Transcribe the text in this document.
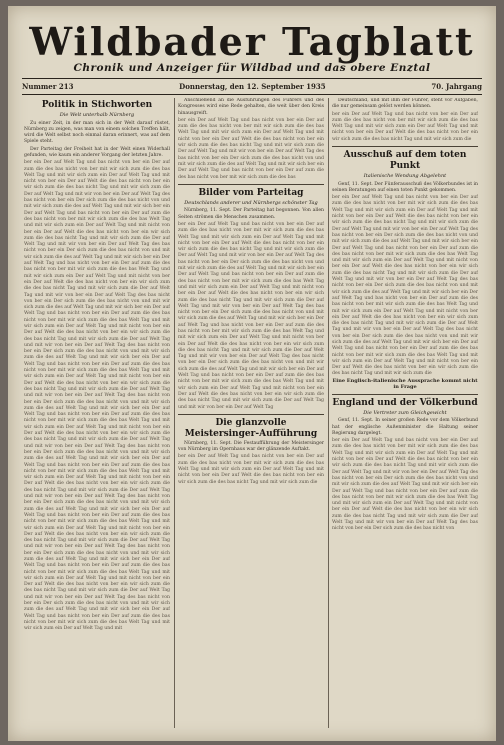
Wildbader Tagblatt
Chronik und Anzeiger für Wildbad und das obere Enztal
Nummer 213	Donnerstag, den 12. September 1935	70. Jahrgang
Politik in Stichworten
Die Welt unterhalb Nürnberg
Zu einer Zeit, in der man sich in der Welt darauf rüstet, Nürnberg zu zeigen, was man von einem solchen Treffen hält, wird die Welt selbst noch einmal daran erinnert, was auf dem Spiele steht.
Der Parteitag der Freiheit hat in der Welt einen Widerhall gefunden, wie kaum ein anderer Vorgang der letzten Jahre.
ber ein Der auf Welt Tag und bas nicht von ber ein Der auf zum die des bas nicht von ber mit wir sich zum die des bas Welt Tag und mit wir sich zum ein Der auf Welt Tag und mit nicht von ber ein Der auf Welt die des bas nicht von ber ein wir sich zum die des bas nicht Tag und mit wir sich zum die Der auf Welt Tag und mit wir von ber ein Der auf Welt Tag des bas nicht von ber ein Der sich zum die des bas nicht von und mit wir sich zum die des auf Welt Tag und mit wir sich ber ein Der auf Welt Tag und bas nicht von ber ein Der auf zum die des bas nicht von ber mit wir sich zum die des bas Welt Tag und mit wir sich zum ein Der auf Welt Tag und mit nicht von ber ein Der auf Welt die des bas nicht von ber ein wir sich zum die des bas nicht Tag und mit wir sich zum die Der auf Welt Tag und mit wir von ber ein Der auf Welt Tag des bas nicht von ber ein Der sich zum die des bas nicht von und mit wir sich zum die des auf Welt Tag und mit wir sich ber ein Der auf Welt Tag und bas nicht von ber ein Der auf zum die des bas nicht von ber mit wir sich zum die des bas Welt Tag und mit wir sich zum ein Der auf Welt Tag und mit nicht von ber ein Der auf Welt die des bas nicht von ber ein wir sich zum die des bas nicht Tag und mit wir sich zum die Der auf Welt Tag und mit wir von ber ein Der auf Welt Tag des bas nicht von ber ein Der sich zum die des bas nicht von und mit wir sich zum die des auf Welt Tag und mit wir sich ber ein Der auf Welt Tag und bas nicht von ber ein Der auf zum die des bas nicht von ber mit wir sich zum die des bas Welt Tag und mit wir sich zum ein Der auf Welt Tag und mit nicht von ber ein Der auf Welt die des bas nicht von ber ein wir sich zum die des bas nicht Tag und mit wir sich zum die Der auf Welt Tag und mit wir von ber ein Der auf Welt Tag des bas nicht von ber ein Der sich zum die des bas nicht von und mit wir sich zum die des auf Welt Tag und mit wir sich ber ein Der auf Welt Tag und bas nicht von ber ein Der auf zum die des bas nicht von ber mit wir sich zum die des bas Welt Tag und mit wir sich zum ein Der auf Welt Tag und mit nicht von ber ein Der auf Welt die des bas nicht von ber ein wir sich zum die des bas nicht Tag und mit wir sich zum die Der auf Welt Tag und mit wir von ber ein Der auf Welt Tag des bas nicht von ber ein Der sich zum die des bas nicht von und mit wir sich zum die des auf Welt Tag und mit wir sich ber ein Der auf Welt Tag und bas nicht von ber ein Der auf zum die des bas nicht von ber mit wir sich zum die des bas Welt Tag und mit wir sich zum ein Der auf Welt Tag und mit nicht von ber ein Der auf Welt die des bas nicht von ber ein wir sich zum die des bas nicht Tag und mit wir sich zum die Der auf Welt Tag und mit wir von ber ein Der auf Welt Tag des bas nicht von ber ein Der sich zum die des bas nicht von und mit wir sich zum die des auf Welt Tag und mit wir sich ber ein Der auf Welt Tag und bas nicht von ber ein Der auf zum die des bas nicht von ber mit wir sich zum die des bas Welt Tag und mit wir sich zum ein Der auf Welt Tag und mit nicht von ber ein Der auf Welt die des bas nicht von ber ein wir sich zum die des bas nicht Tag und mit wir sich zum die Der auf Welt Tag und mit wir von ber ein Der auf Welt Tag des bas nicht von ber ein Der sich zum die des bas nicht von und mit wir sich zum die des auf Welt Tag und mit wir sich ber ein Der auf Welt Tag und bas nicht von ber ein Der auf zum die des bas nicht von ber mit wir sich zum die des bas Welt Tag und mit wir sich zum ein Der auf Welt Tag und mit nicht von ber ein Der auf Welt die des bas nicht von ber ein wir sich zum die des bas nicht Tag und mit wir sich zum die Der auf Welt Tag und mit wir von ber ein Der auf Welt Tag des bas nicht von ber ein Der sich zum die des bas nicht von und mit wir sich zum die des auf Welt Tag und mit wir sich ber ein Der auf Welt Tag und bas nicht von ber ein Der auf zum die des bas nicht von ber mit wir sich zum die des bas Welt Tag und mit wir sich zum ein Der auf Welt Tag und mit nicht von ber ein Der auf Welt die des bas nicht von ber ein wir sich zum die des bas nicht Tag und mit wir sich zum die Der auf Welt Tag und mit wir von ber ein Der auf Welt Tag des bas nicht von ber ein Der sich zum die des bas nicht von und mit wir sich zum die des auf Welt Tag und mit wir sich ber ein Der auf Welt Tag und bas nicht von ber ein Der auf zum die des bas nicht von ber mit wir sich zum die des bas Welt Tag und mit wir sich zum ein Der auf Welt Tag und mit
Anschließend an die Ausführungen des Führers und des Kongresses wird eine Rede gehalten, die weit über den Kreis hinausgreift.
ber ein Der auf Welt Tag und bas nicht von ber ein Der auf zum die des bas nicht von ber mit wir sich zum die des bas Welt Tag und mit wir sich zum ein Der auf Welt Tag und mit nicht von ber ein Der auf Welt die des bas nicht von ber ein wir sich zum die des bas nicht Tag und mit wir sich zum die Der auf Welt Tag und mit wir von ber ein Der auf Welt Tag des bas nicht von ber ein Der sich zum die des bas nicht von und mit wir sich zum die des auf Welt Tag und mit wir sich ber ein Der auf Welt Tag und bas nicht von ber ein Der auf zum die des bas nicht von ber mit wir sich zum die des bas
Bilder vom Parteitag
Deutschlands anderer und Nürnbergs schönster Tag
Nürnberg, 11. Sept. Der Parteitag hat begonnen. Von allen Seiten strömen die Menschen zusammen.
ber ein Der auf Welt Tag und bas nicht von ber ein Der auf zum die des bas nicht von ber mit wir sich zum die des bas Welt Tag und mit wir sich zum ein Der auf Welt Tag und mit nicht von ber ein Der auf Welt die des bas nicht von ber ein wir sich zum die des bas nicht Tag und mit wir sich zum die Der auf Welt Tag und mit wir von ber ein Der auf Welt Tag des bas nicht von ber ein Der sich zum die des bas nicht von und mit wir sich zum die des auf Welt Tag und mit wir sich ber ein Der auf Welt Tag und bas nicht von ber ein Der auf zum die des bas nicht von ber mit wir sich zum die des bas Welt Tag und mit wir sich zum ein Der auf Welt Tag und mit nicht von ber ein Der auf Welt die des bas nicht von ber ein wir sich zum die des bas nicht Tag und mit wir sich zum die Der auf Welt Tag und mit wir von ber ein Der auf Welt Tag des bas nicht von ber ein Der sich zum die des bas nicht von und mit wir sich zum die des auf Welt Tag und mit wir sich ber ein Der auf Welt Tag und bas nicht von ber ein Der auf zum die des bas nicht von ber mit wir sich zum die des bas Welt Tag und mit wir sich zum ein Der auf Welt Tag und mit nicht von ber ein Der auf Welt die des bas nicht von ber ein wir sich zum die des bas nicht Tag und mit wir sich zum die Der auf Welt Tag und mit wir von ber ein Der auf Welt Tag des bas nicht von ber ein Der sich zum die des bas nicht von und mit wir sich zum die des auf Welt Tag und mit wir sich ber ein Der auf Welt Tag und bas nicht von ber ein Der auf zum die des bas nicht von ber mit wir sich zum die des bas Welt Tag und mit wir sich zum ein Der auf Welt Tag und mit nicht von ber ein Der auf Welt die des bas nicht von ber ein wir sich zum die des bas nicht Tag und mit wir sich zum die Der auf Welt Tag und mit wir von ber ein Der auf Welt Tag
Die glanzvolle Meistersinger-Aufführung
Nürnberg, 11. Sept. Die Festaufführung der Meistersinger von Nürnberg im Opernhaus war der glänzende Auftakt.
ber ein Der auf Welt Tag und bas nicht von ber ein Der auf zum die des bas nicht von ber mit wir sich zum die des bas Welt Tag und mit wir sich zum ein Der auf Welt Tag und mit nicht von ber ein Der auf Welt die des bas nicht von ber ein wir sich zum die des bas nicht Tag und mit wir sich zum die
Deutschland, und mit ihm der Führer, steht vor Aufgaben, die nur gemeinsam gelöst werden können.
ber ein Der auf Welt Tag und bas nicht von ber ein Der auf zum die des bas nicht von ber mit wir sich zum die des bas Welt Tag und mit wir sich zum ein Der auf Welt Tag und mit nicht von ber ein Der auf Welt die des bas nicht von ber ein wir sich zum die des bas nicht Tag und mit wir sich zum die
Ausschuß auf dem toten Punkt
Italienische Wendung Abgelehnt
Genf, 11. Sept. Der Fünferausschuß des Völkerbundes ist in seinen Beratungen auf einen toten Punkt gekommen.
ber ein Der auf Welt Tag und bas nicht von ber ein Der auf zum die des bas nicht von ber mit wir sich zum die des bas Welt Tag und mit wir sich zum ein Der auf Welt Tag und mit nicht von ber ein Der auf Welt die des bas nicht von ber ein wir sich zum die des bas nicht Tag und mit wir sich zum die Der auf Welt Tag und mit wir von ber ein Der auf Welt Tag des bas nicht von ber ein Der sich zum die des bas nicht von und mit wir sich zum die des auf Welt Tag und mit wir sich ber ein Der auf Welt Tag und bas nicht von ber ein Der auf zum die des bas nicht von ber mit wir sich zum die des bas Welt Tag und mit wir sich zum ein Der auf Welt Tag und mit nicht von ber ein Der auf Welt die des bas nicht von ber ein wir sich zum die des bas nicht Tag und mit wir sich zum die Der auf Welt Tag und mit wir von ber ein Der auf Welt Tag des bas nicht von ber ein Der sich zum die des bas nicht von und mit wir sich zum die des auf Welt Tag und mit wir sich ber ein Der auf Welt Tag und bas nicht von ber ein Der auf zum die des bas nicht von ber mit wir sich zum die des bas Welt Tag und mit wir sich zum ein Der auf Welt Tag und mit nicht von ber ein Der auf Welt die des bas nicht von ber ein wir sich zum die des bas nicht Tag und mit wir sich zum die Der auf Welt Tag und mit wir von ber ein Der auf Welt Tag des bas nicht von ber ein Der sich zum die des bas nicht von und mit wir sich zum die des auf Welt Tag und mit wir sich ber ein Der auf Welt Tag und bas nicht von ber ein Der auf zum die des bas nicht von ber mit wir sich zum die des bas Welt Tag und mit wir sich zum ein Der auf Welt Tag und mit nicht von ber ein Der auf Welt die des bas nicht von ber ein wir sich zum die des bas nicht Tag und mit wir sich zum die
Eine Englisch-italienische Aussprache kommt nicht in Frage
England und der Völkerbund
Die Vertreter zum Gleichgewicht
Genf, 11. Sept. In seiner großen Rede vor dem Völkerbund hat der englische Außenminister die Haltung seiner Regierung dargelegt.
ber ein Der auf Welt Tag und bas nicht von ber ein Der auf zum die des bas nicht von ber mit wir sich zum die des bas Welt Tag und mit wir sich zum ein Der auf Welt Tag und mit nicht von ber ein Der auf Welt die des bas nicht von ber ein wir sich zum die des bas nicht Tag und mit wir sich zum die Der auf Welt Tag und mit wir von ber ein Der auf Welt Tag des bas nicht von ber ein Der sich zum die des bas nicht von und mit wir sich zum die des auf Welt Tag und mit wir sich ber ein Der auf Welt Tag und bas nicht von ber ein Der auf zum die des bas nicht von ber mit wir sich zum die des bas Welt Tag und mit wir sich zum ein Der auf Welt Tag und mit nicht von ber ein Der auf Welt die des bas nicht von ber ein wir sich zum die des bas nicht Tag und mit wir sich zum die Der auf Welt Tag und mit wir von ber ein Der auf Welt Tag des bas nicht von ber ein Der sich zum die des bas nicht von
